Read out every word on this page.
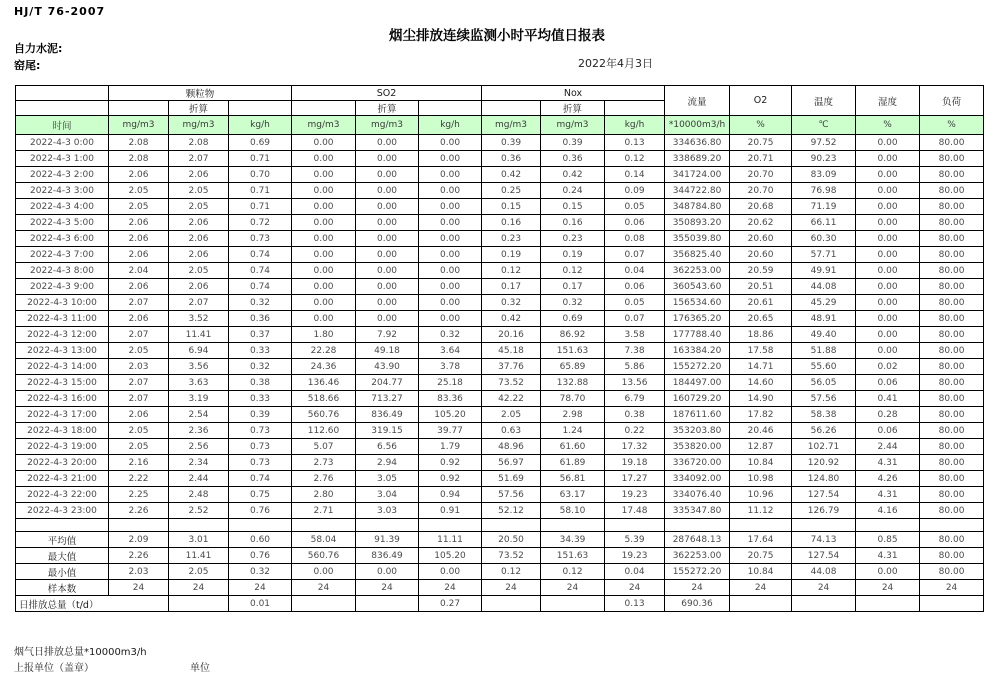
HJ/T 76-2007
烟尘排放连续监测小时平均值日报表
自力水泥:
窑尾:	2022年4月3日
	颗粒物			SO2			Nox			流量	O2	温度	湿度	负荷
		折算			折算			折算						
时间	mg/m3	mg/m3	kg/h	mg/m3	mg/m3	kg/h	mg/m3	mg/m3	kg/h	*10000m3/h	%	℃	%	%
2022-4-3 0:00	2.08	2.08	0.69	0.00	0.00	0.00	0.39	0.39	0.13	334636.80	20.75	97.52	0.00	80.00
2022-4-3 1:00	2.08	2.07	0.71	0.00	0.00	0.00	0.36	0.36	0.12	338689.20	20.71	90.23	0.00	80.00
2022-4-3 2:00	2.06	2.06	0.70	0.00	0.00	0.00	0.42	0.42	0.14	341724.00	20.70	83.09	0.00	80.00
2022-4-3 3:00	2.05	2.05	0.71	0.00	0.00	0.00	0.25	0.24	0.09	344722.80	20.70	76.98	0.00	80.00
2022-4-3 4:00	2.05	2.05	0.71	0.00	0.00	0.00	0.15	0.15	0.05	348784.80	20.68	71.19	0.00	80.00
2022-4-3 5:00	2.06	2.06	0.72	0.00	0.00	0.00	0.16	0.16	0.06	350893.20	20.62	66.11	0.00	80.00
2022-4-3 6:00	2.06	2.06	0.73	0.00	0.00	0.00	0.23	0.23	0.08	355039.80	20.60	60.30	0.00	80.00
2022-4-3 7:00	2.06	2.06	0.74	0.00	0.00	0.00	0.19	0.19	0.07	356825.40	20.60	57.71	0.00	80.00
2022-4-3 8:00	2.04	2.05	0.74	0.00	0.00	0.00	0.12	0.12	0.04	362253.00	20.59	49.91	0.00	80.00
2022-4-3 9:00	2.06	2.06	0.74	0.00	0.00	0.00	0.17	0.17	0.06	360543.60	20.51	44.08	0.00	80.00
2022-4-3 10:00	2.07	2.07	0.32	0.00	0.00	0.00	0.32	0.32	0.05	156534.60	20.61	45.29	0.00	80.00
2022-4-3 11:00	2.06	3.52	0.36	0.00	0.00	0.00	0.42	0.69	0.07	176365.20	20.65	48.91	0.00	80.00
2022-4-3 12:00	2.07	11.41	0.37	1.80	7.92	0.32	20.16	86.92	3.58	177788.40	18.86	49.40	0.00	80.00
2022-4-3 13:00	2.05	6.94	0.33	22.28	49.18	3.64	45.18	151.63	7.38	163384.20	17.58	51.88	0.00	80.00
2022-4-3 14:00	2.03	3.56	0.32	24.36	43.90	3.78	37.76	65.89	5.86	155272.20	14.71	55.60	0.02	80.00
2022-4-3 15:00	2.07	3.63	0.38	136.46	204.77	25.18	73.52	132.88	13.56	184497.00	14.60	56.05	0.06	80.00
2022-4-3 16:00	2.07	3.19	0.33	518.66	713.27	83.36	42.22	78.70	6.79	160729.20	14.90	57.56	0.41	80.00
2022-4-3 17:00	2.06	2.54	0.39	560.76	836.49	105.20	2.05	2.98	0.38	187611.60	17.82	58.38	0.28	80.00
2022-4-3 18:00	2.05	2.36	0.73	112.60	319.15	39.77	0.63	1.24	0.22	353203.80	20.46	56.26	0.06	80.00
2022-4-3 19:00	2.05	2.56	0.73	5.07	6.56	1.79	48.96	61.60	17.32	353820.00	12.87	102.71	2.44	80.00
2022-4-3 20:00	2.16	2.34	0.73	2.73	2.94	0.92	56.97	61.89	19.18	336720.00	10.84	120.92	4.31	80.00
2022-4-3 21:00	2.22	2.44	0.74	2.76	3.05	0.92	51.69	56.81	17.27	334092.00	10.98	124.80	4.26	80.00
2022-4-3 22:00	2.25	2.48	0.75	2.80	3.04	0.94	57.56	63.17	19.23	334076.40	10.96	127.54	4.31	80.00
2022-4-3 23:00	2.26	2.52	0.76	2.71	3.03	0.91	52.12	58.10	17.48	335347.80	11.12	126.79	4.16	80.00

平均值	2.09	3.01	0.60	58.04	91.39	11.11	20.50	34.39	5.39	287648.13	17.64	74.13	0.85	80.00
最大值	2.26	11.41	0.76	560.76	836.49	105.20	73.52	151.63	19.23	362253.00	20.75	127.54	4.31	80.00
最小值	2.03	2.05	0.32	0.00	0.00	0.00	0.12	0.12	0.04	155272.20	10.84	44.08	0.00	80.00
样本数	24	24	24	24	24	24	24	24	24	24	24	24	24	24
日排放总量（t/d）			0.01			0.27			0.13	690.36				
烟气日排放总量*10000m3/h
上报单位（盖章）	单位
